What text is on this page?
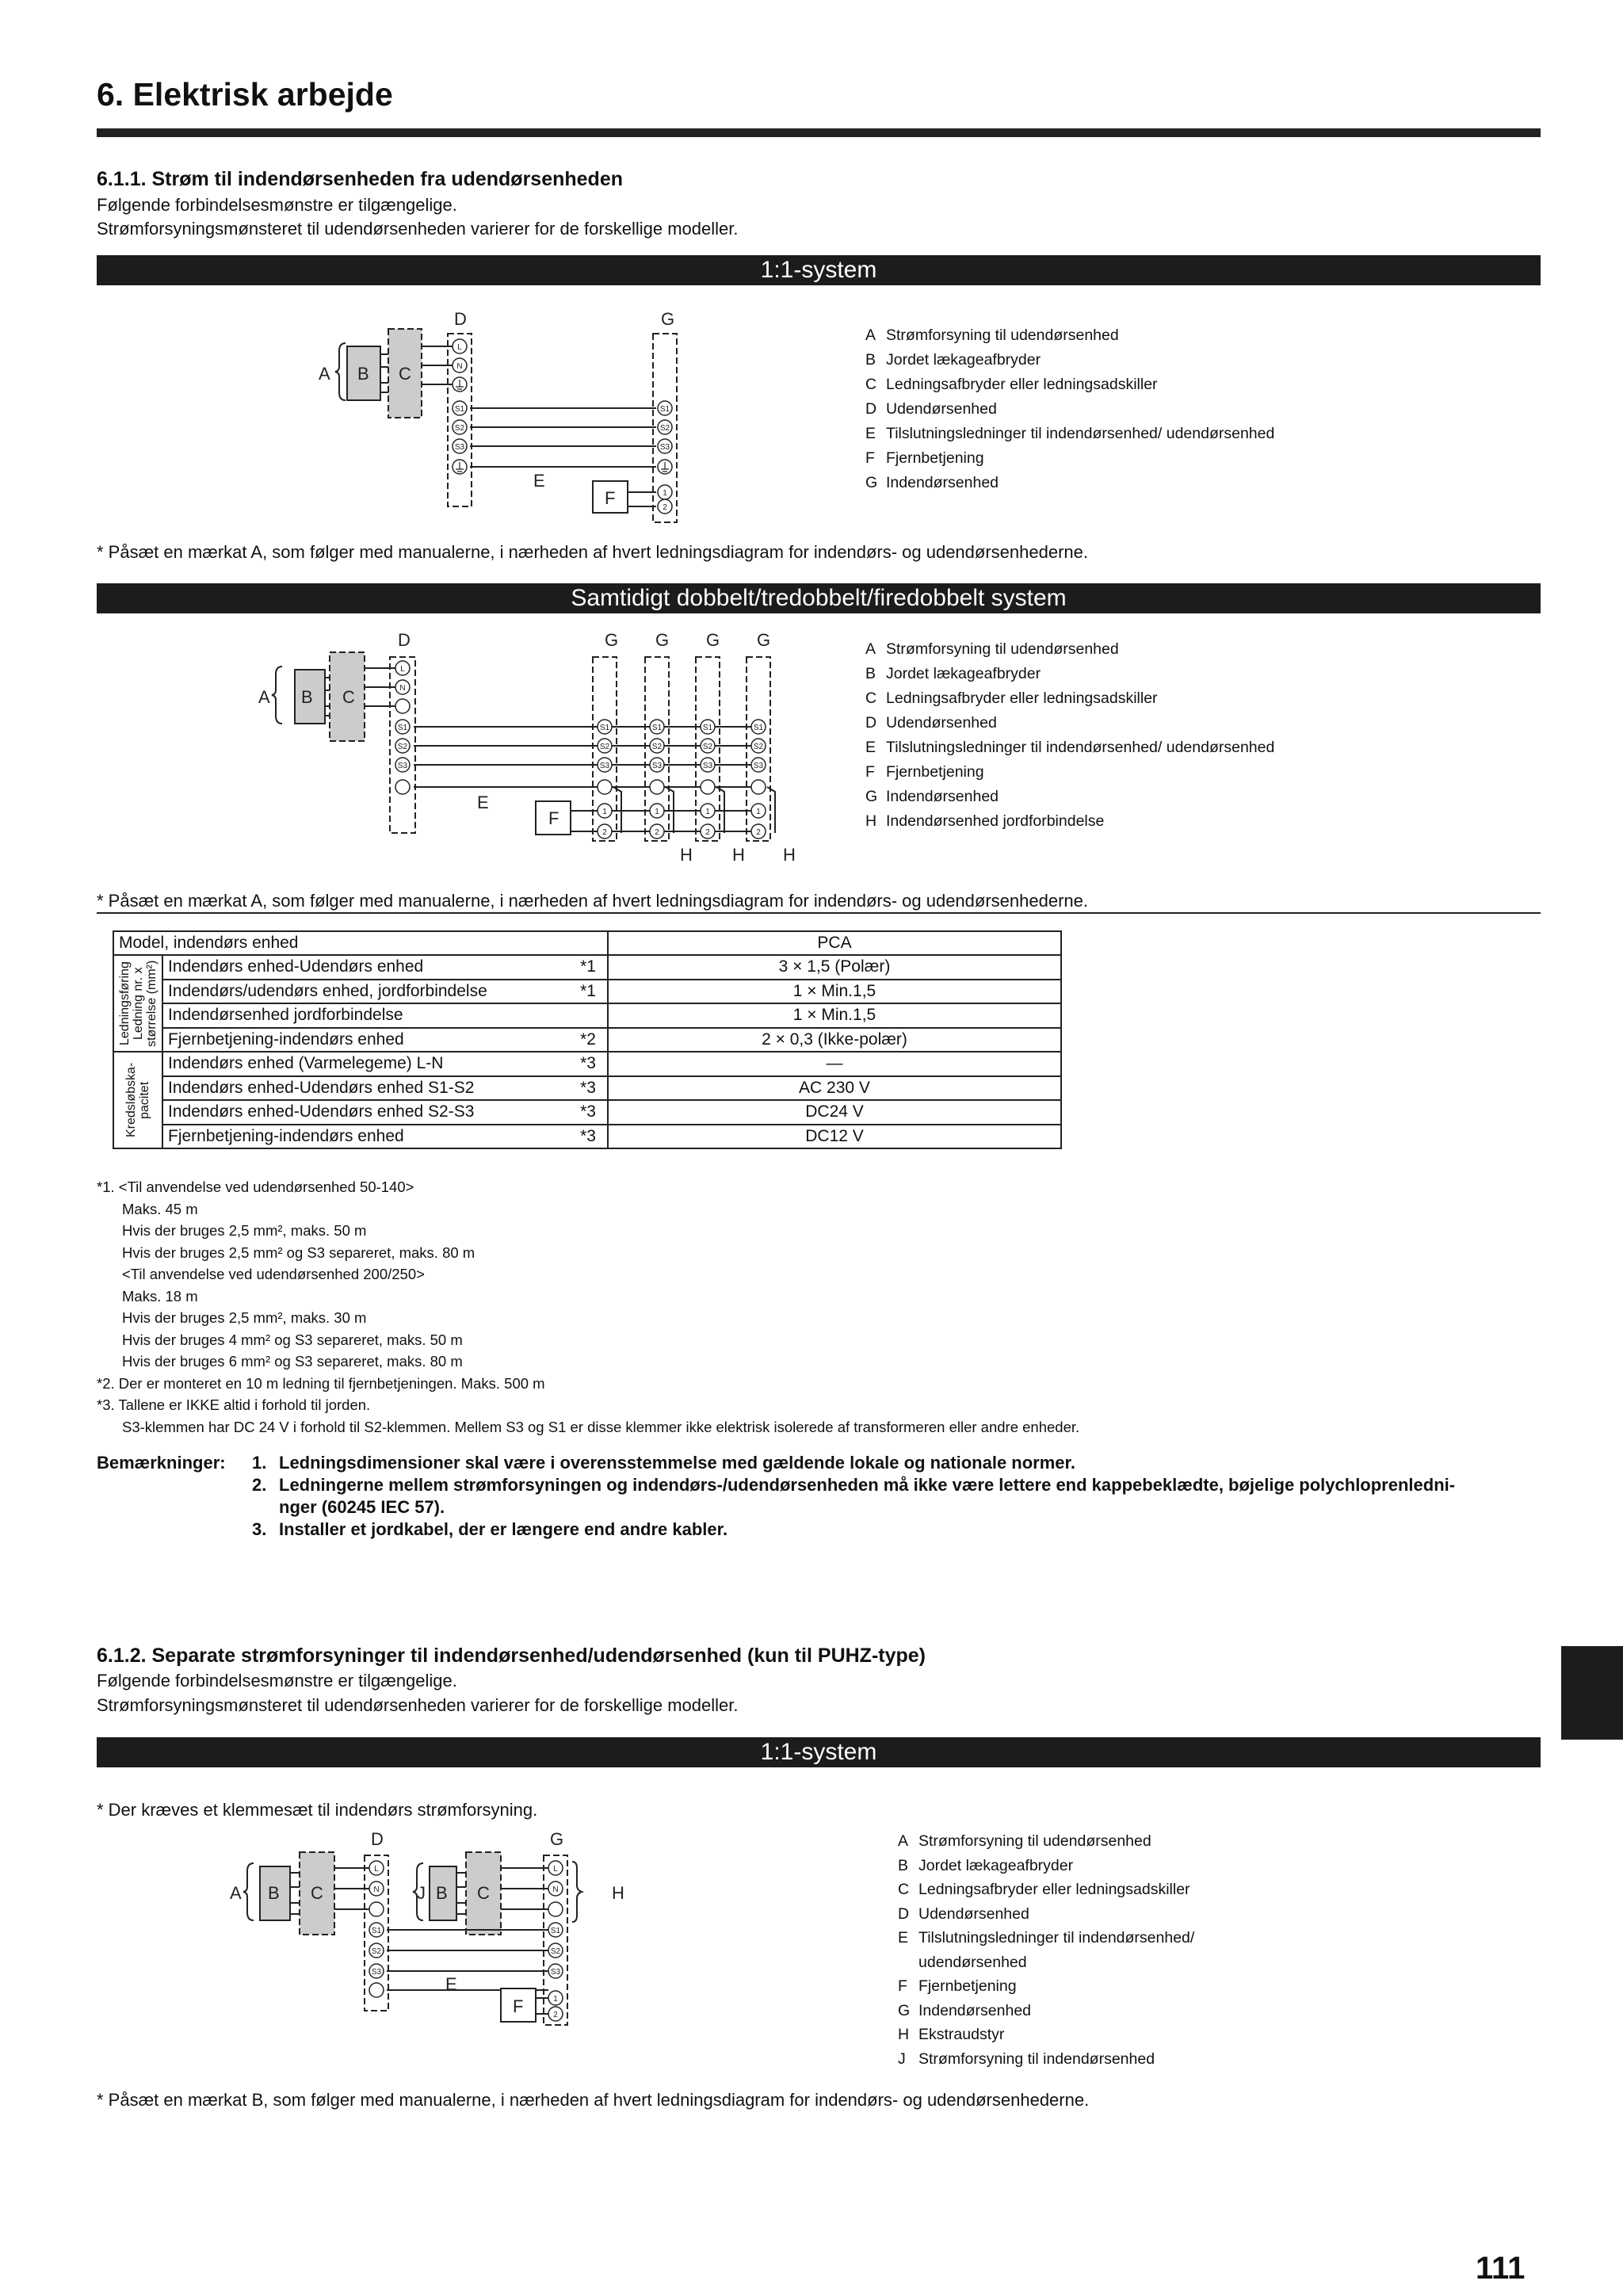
6. Elektrisk arbejde
6.1.1. Strøm til indendørsenheden fra udendørsenheden
Følgende forbindelsesmønstre er tilgængelige.
Strømforsyningsmønsteret til udendørsenheden varierer for de forskellige modeller.
1:1-system
A B C
D	G
E
F
L
N
S1
S2
S3
S1
S2
S3
1
2
A Strømforsyning til udendørsenhed
B Jordet lækageafbryder
C Ledningsafbryder eller ledningsadskiller
D Udendørsenhed
E Tilslutningsledninger til indendørsenhed/ udendørsenhed
F Fjernbetjening
G Indendørsenhed
* Påsæt en mærkat A, som følger med manualerne, i nærheden af hvert ledningsdiagram for indendørs- og udendørsenhederne.
Samtidigt dobbelt/tredobbelt/firedobbelt system
A B C
D	G G G G
E
F
H H H
L
N
S1
S2
S3
S1
S2
S3
1
2
S1
S2
S3
1
2
S1
S2
S3
1
2
S1
S2
S3
1
2
A Strømforsyning til udendørsenhed
B Jordet lækageafbryder
C Ledningsafbryder eller ledningsadskiller
D Udendørsenhed
E Tilslutningsledninger til indendørsenhed/ udendørsenhed
F Fjernbetjening
G Indendørsenhed
H Indendørsenhed jordforbindelse
* Påsæt en mærkat A, som følger med manualerne, i nærheden af hvert ledningsdiagram for indendørs- og udendørsenhederne.
Model, indendørs enhed			PCA

Ledningsføring Ledning nr. x størrelse (mm²)	Indendørs enhed-Udendørs enhed	*1	3 × 1,5 (Polær)
	Indendørs/udendørs enhed, jordforbindelse	*1	1 × Min.1,5
	Indendørsenhed jordforbindelse		1 × Min.1,5
	Fjernbetjening-indendørs enhed	*2	2 × 0,3 (Ikke-polær)

Kredsløbska- pacitet	Indendørs enhed (Varmelegeme) L-N	*3	—
	Indendørs enhed-Udendørs enhed S1-S2	*3	AC 230 V
	Indendørs enhed-Udendørs enhed S2-S3	*3	DC24 V
	Fjernbetjening-indendørs enhed	*3	DC12 V
*1. <Til anvendelse ved udendørsenhed 50-140>
Maks. 45 m
Hvis der bruges 2,5 mm², maks. 50 m
Hvis der bruges 2,5 mm² og S3 separeret, maks. 80 m
<Til anvendelse ved udendørsenhed 200/250>
Maks. 18 m
Hvis der bruges 2,5 mm², maks. 30 m
Hvis der bruges 4 mm² og S3 separeret, maks. 50 m
Hvis der bruges 6 mm² og S3 separeret, maks. 80 m
*2. Der er monteret en 10 m ledning til fjernbetjeningen. Maks. 500 m
*3. Tallene er IKKE altid i forhold til jorden.
S3-klemmen har DC 24 V i forhold til S2-klemmen. Mellem S3 og S1 er disse klemmer ikke elektrisk isolerede af transformeren eller andre enheder.
Bemærkninger: 1. Ledningsdimensioner skal være i overensstemmelse med gældende lokale og nationale normer.
2. Ledningerne mellem strømforsyningen og indendørs-/udendørsenheden må ikke være lettere end kappebeklædte, bøjelige polychloprenledni-
nger (60245 IEC 57).
3. Installer et jordkabel, der er længere end andre kabler.
6.1.2. Separate strømforsyninger til indendørsenhed/udendørsenhed (kun til PUHZ-type)
Følgende forbindelsesmønstre er tilgængelige.
Strømforsyningsmønsteret til udendørsenheden varierer for de forskellige modeller.
1:1-system
* Der kræves et klemmesæt til indendørs strømforsyning.
A B C
D
J B C
G
H
E
F
L
N
S1
S2
S3
L
N
S1
S2
S3
1
2
A Strømforsyning til udendørsenhed
B Jordet lækageafbryder
C Ledningsafbryder eller ledningsadskiller
D Udendørsenhed
E Tilslutningsledninger til indendørsenhed/
udendørsenhed
F Fjernbetjening
G Indendørsenhed
H Ekstraudstyr
J Strømforsyning til indendørsenhed
* Påsæt en mærkat B, som følger med manualerne, i nærheden af hvert ledningsdiagram for indendørs- og udendørsenhederne.
111
